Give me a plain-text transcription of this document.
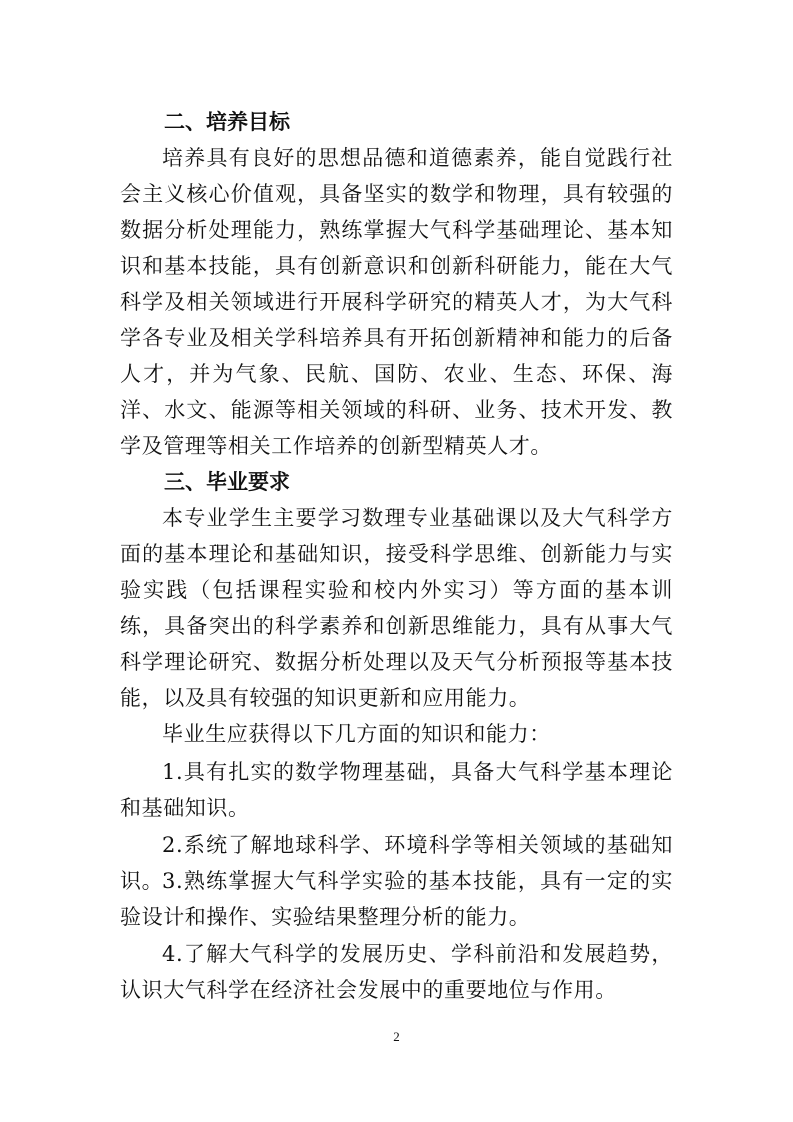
二、培养目标
培养具有良好的思想品德和道德素养，能自觉践行社会主义核心价值观，具备坚实的数学和物理，具有较强的数据分析处理能力，熟练掌握大气科学基础理论、基本知识和基本技能，具有创新意识和创新科研能力，能在大气科学及相关领域进行开展科学研究的精英人才，为大气科学各专业及相关学科培养具有开拓创新精神和能力的后备人才，并为气象、民航、国防、农业、生态、环保、海洋、水文、能源等相关领域的科研、业务、技术开发、教学及管理等相关工作培养的创新型精英人才。
三、毕业要求
本专业学生主要学习数理专业基础课以及大气科学方面的基本理论和基础知识，接受科学思维、创新能力与实验实践（包括课程实验和校内外实习）等方面的基本训练，具备突出的科学素养和创新思维能力，具有从事大气科学理论研究、数据分析处理以及天气分析预报等基本技能，以及具有较强的知识更新和应用能力。
毕业生应获得以下几方面的知识和能力：
1.具有扎实的数学物理基础，具备大气科学基本理论和基础知识。
2.系统了解地球科学、环境科学等相关领域的基础知识。
3.熟练掌握大气科学实验的基本技能，具有一定的实验设计和操作、实验结果整理分析的能力。
4.了解大气科学的发展历史、学科前沿和发展趋势，认识大气科学在经济社会发展中的重要地位与作用。
2
